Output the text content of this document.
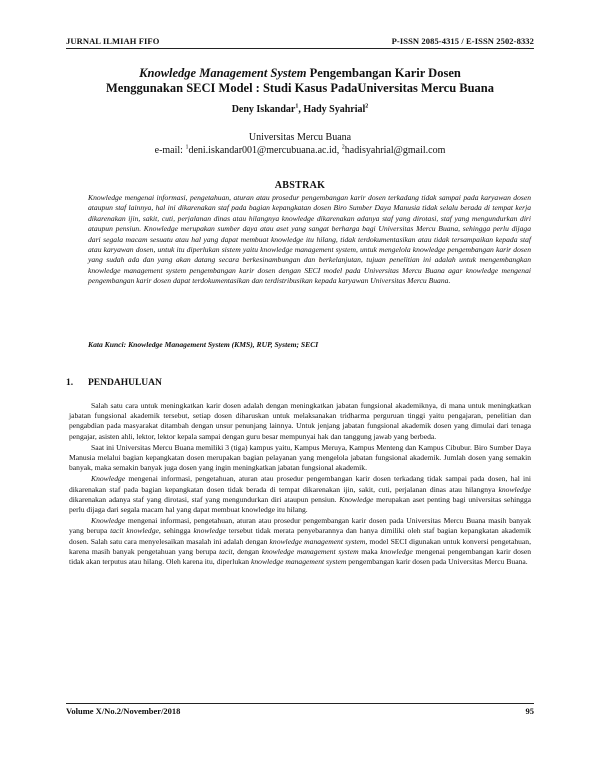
JURNAL ILMIAH FIFO	P-ISSN 2085-4315 / E-ISSN 2502-8332
Knowledge Management System Pengembangan Karir Dosen
Menggunakan SECI Model : Studi Kasus PadaUniversitas Mercu Buana
Deny Iskandar$^1$, Hady Syahrial$^2$
Universitas Mercu Buana
e-mail: $^1$deni.iskandar001@mercubuana.ac.id, $^2$hadisyahrial@gmail.com
ABSTRAK

Knowledge mengenai informasi, pengetahuan, aturan atau prosedur pengembangan karir dosen terkadang tidak sampai pada karyawan dosen ataupun staf lainnya, hal ini dikarenakan staf pada bagian kepangkatan dosen Biro Sumber Daya Manusia tidak selalu berada di tempat kerja dikarenakan ijin, sakit, cuti, perjalanan dinas atau hilangnya knowledge dikarenakan adanya staf yang dirotasi, staf yang mengundurkan diri ataupun pensiun. Knowledge merupakan sumber daya atau aset yang sangat berharga bagi Universitas Mercu Buana, sehingga perlu dijaga dari segala macam sesuatu atau hal yang dapat membuat knowledge itu hilang, tidak terdokumentasikan atau tidak tersampaikan kepada staf atau karyawan dosen, untuk itu diperlukan sistem yaitu knowledge management system, untuk mengelola knowledge pengembangan karir dosen yang sudah ada dan yang akan datang secara berkesinambungan dan berkelanjutan, tujuan penelitian ini adalah untuk mengembangkan knowledge management system pengembangan karir dosen dengan SECI model pada Universitas Mercu Buana agar knowledge mengenai pengembangan karir dosen dapat terdokumentasikan dan terdistribusikan kepada karyawan Universitas Mercu Buana.

Kata Kunci: Knowledge Management System (KMS), RUP, System; SECI
1. PENDAHULUAN

Salah satu cara untuk meningkatkan karir dosen adalah dengan meningkatkan jabatan fungsional akademiknya, di mana untuk meningkatkan jabatan fungsional akademik tersebut, setiap dosen diharuskan untuk melaksanakan tridharma perguruan tinggi yaitu pengajaran, penelitian dan pengabdian pada masyarakat ditambah dengan unsur penunjang lainnya. Untuk jenjang jabatan fungsional akademik dosen yang dimulai dari tenaga pengajar, asisten ahli, lektor, lektor kepala sampai dengan guru besar mempunyai hak dan tanggung jawab yang berbeda.

Saat ini Universitas Mercu Buana memiliki 3 (tiga) kampus yaitu, Kampus Meruya, Kampus Menteng dan Kampus Cibubur. Biro Sumber Daya Manusia melalui bagian kepangkatan dosen merupakan bagian pelayanan yang mengelola jabatan fungsional akademik. Jumlah dosen yang semakin banyak, maka semakin banyak juga dosen yang ingin meningkatkan jabatan fungsional akademik.

Knowledge mengenai informasi, pengetahuan, aturan atau prosedur pengembangan karir dosen terkadang tidak sampai pada dosen, hal ini dikarenakan staf pada bagian kepangkatan dosen tidak berada di tempat dikarenakan ijin, sakit, cuti, perjalanan dinas atau hilangnya knowledge dikarenakan adanya staf yang dirotasi, staf yang mengundurkan diri ataupun pensiun. Knowledge merupakan aset penting bagi universitas sehingga perlu dijaga dari segala macam hal yang dapat membuat knowledge itu hilang.

Knowledge mengenai informasi, pengetahuan, aturan atau prosedur pengembangan karir dosen pada Universitas Mercu Buana masih banyak yang berupa tacit knowledge, sehingga knowledge tersebut tidak merata penyebarannya dan hanya dimiliki oleh staf bagian kepangkatan akademik dosen. Salah satu cara menyelesaikan masalah ini adalah dengan knowledge management system, model SECI digunakan untuk konversi pengetahuan, karena masih banyak pengetahuan yang berupa tacit, dengan knowledge management system maka knowledge mengenai pengembangan karir dosen tidak akan terputus atau hilang. Oleh karena itu, diperlukan knowledge management system pengembangan karir dosen pada Universitas Mercu Buana.

Volume X/No.2/November/2018	95
